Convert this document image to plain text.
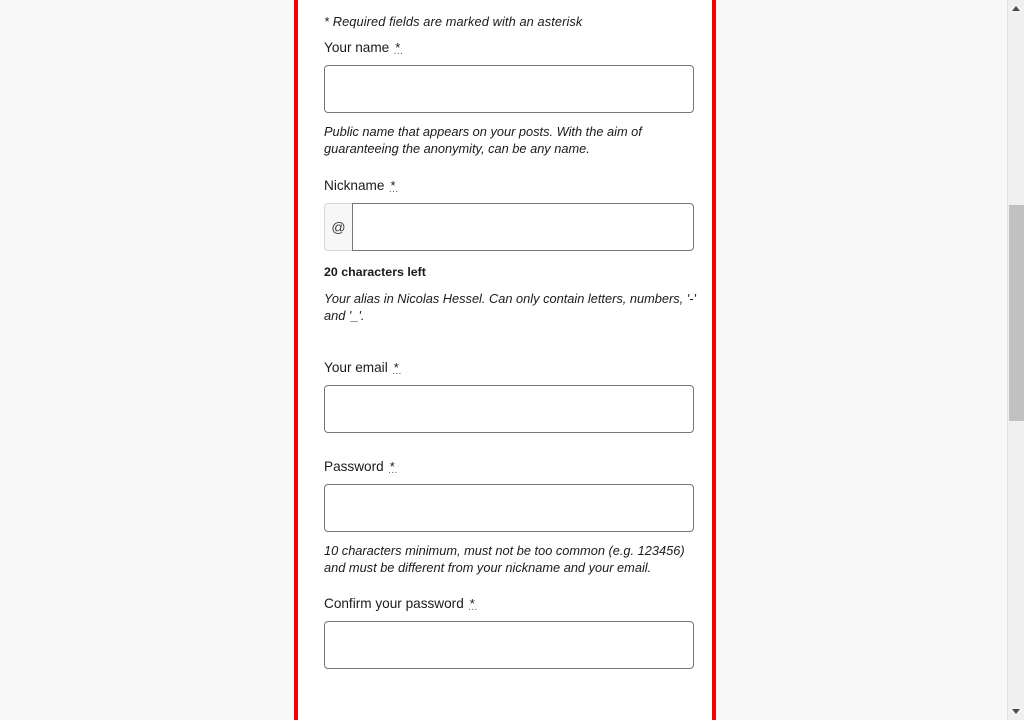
* Required fields are marked with an asterisk
Your name * …
Public name that appears on your posts. With the aim of guaranteeing the anonymity, can be any name.
Nickname * …
@
20 characters left
Your alias in Nicolas Hessel. Can only contain letters, numbers, '-' and '_'.
Your email * …
Password * …
10 characters minimum, must not be too common (e.g. 123456) and must be different from your nickname and your email.
Confirm your password * …
